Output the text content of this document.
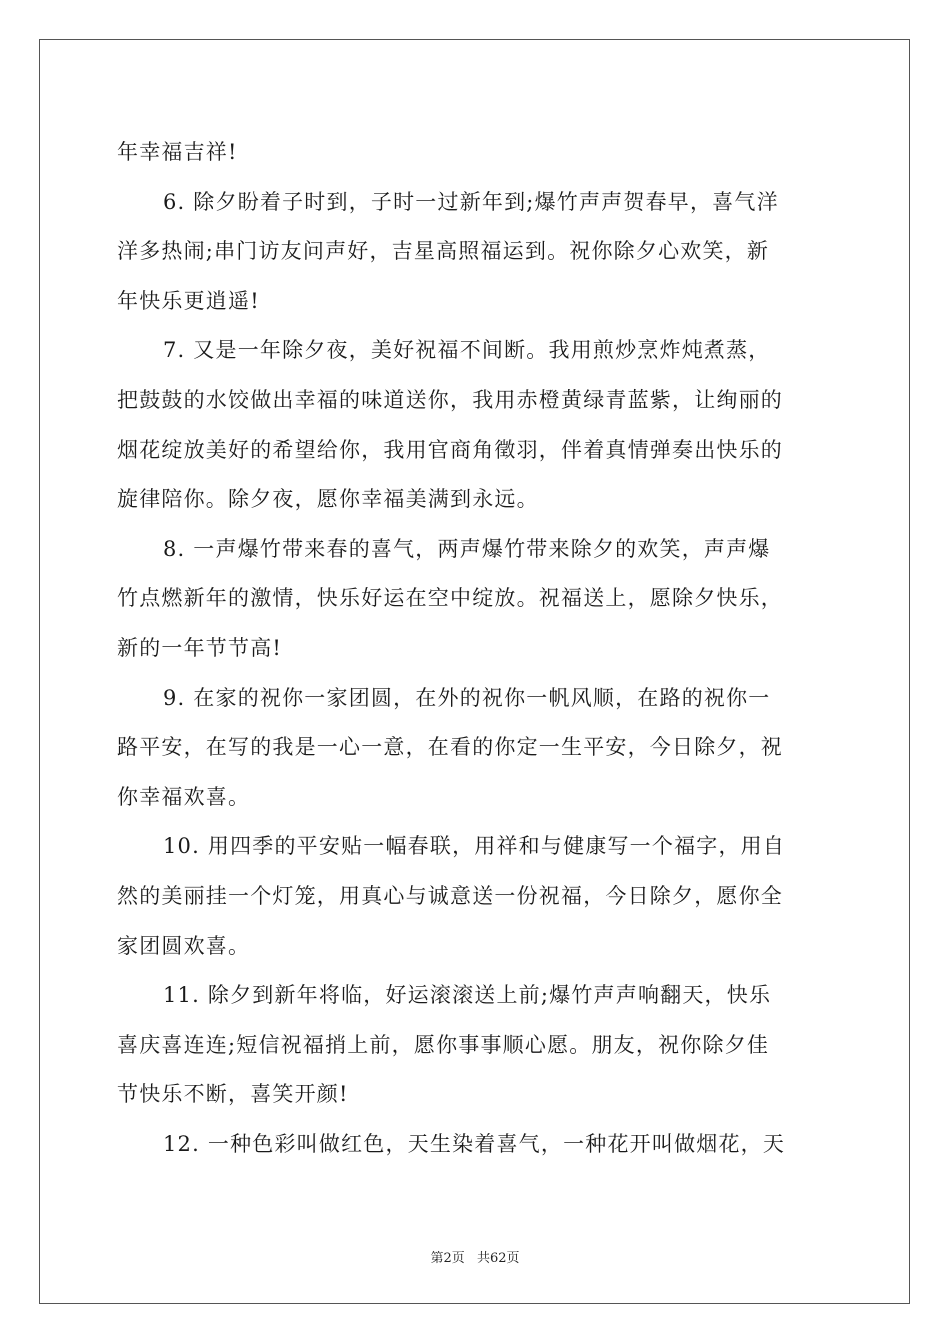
年幸福吉祥!

6. 除夕盼着子时到，子时一过新年到;爆竹声声贺春早，喜气洋
洋多热闹;串门访友问声好，吉星高照福运到。祝你除夕心欢笑，新
年快乐更逍遥!

7. 又是一年除夕夜，美好祝福不间断。我用煎炒烹炸炖煮蒸，
把鼓鼓的水饺做出幸福的味道送你，我用赤橙黄绿青蓝紫，让绚丽的
烟花绽放美好的希望给你，我用官商角徵羽，伴着真情弹奏出快乐的
旋律陪你。除夕夜，愿你幸福美满到永远。

8. 一声爆竹带来春的喜气，两声爆竹带来除夕的欢笑，声声爆
竹点燃新年的激情，快乐好运在空中绽放。祝福送上，愿除夕快乐，
新的一年节节高!

9. 在家的祝你一家团圆，在外的祝你一帆风顺，在路的祝你一
路平安，在写的我是一心一意，在看的你定一生平安，今日除夕，祝
你幸福欢喜。

10. 用四季的平安贴一幅春联，用祥和与健康写一个福字，用自
然的美丽挂一个灯笼，用真心与诚意送一份祝福，今日除夕，愿你全
家团圆欢喜。

11. 除夕到新年将临，好运滚滚送上前;爆竹声声响翻天，快乐
喜庆喜连连;短信祝福捎上前，愿你事事顺心愿。朋友，祝你除夕佳
节快乐不断，喜笑开颜!

12. 一种色彩叫做红色，天生染着喜气，一种花开叫做烟花，天

第2页 共62页
